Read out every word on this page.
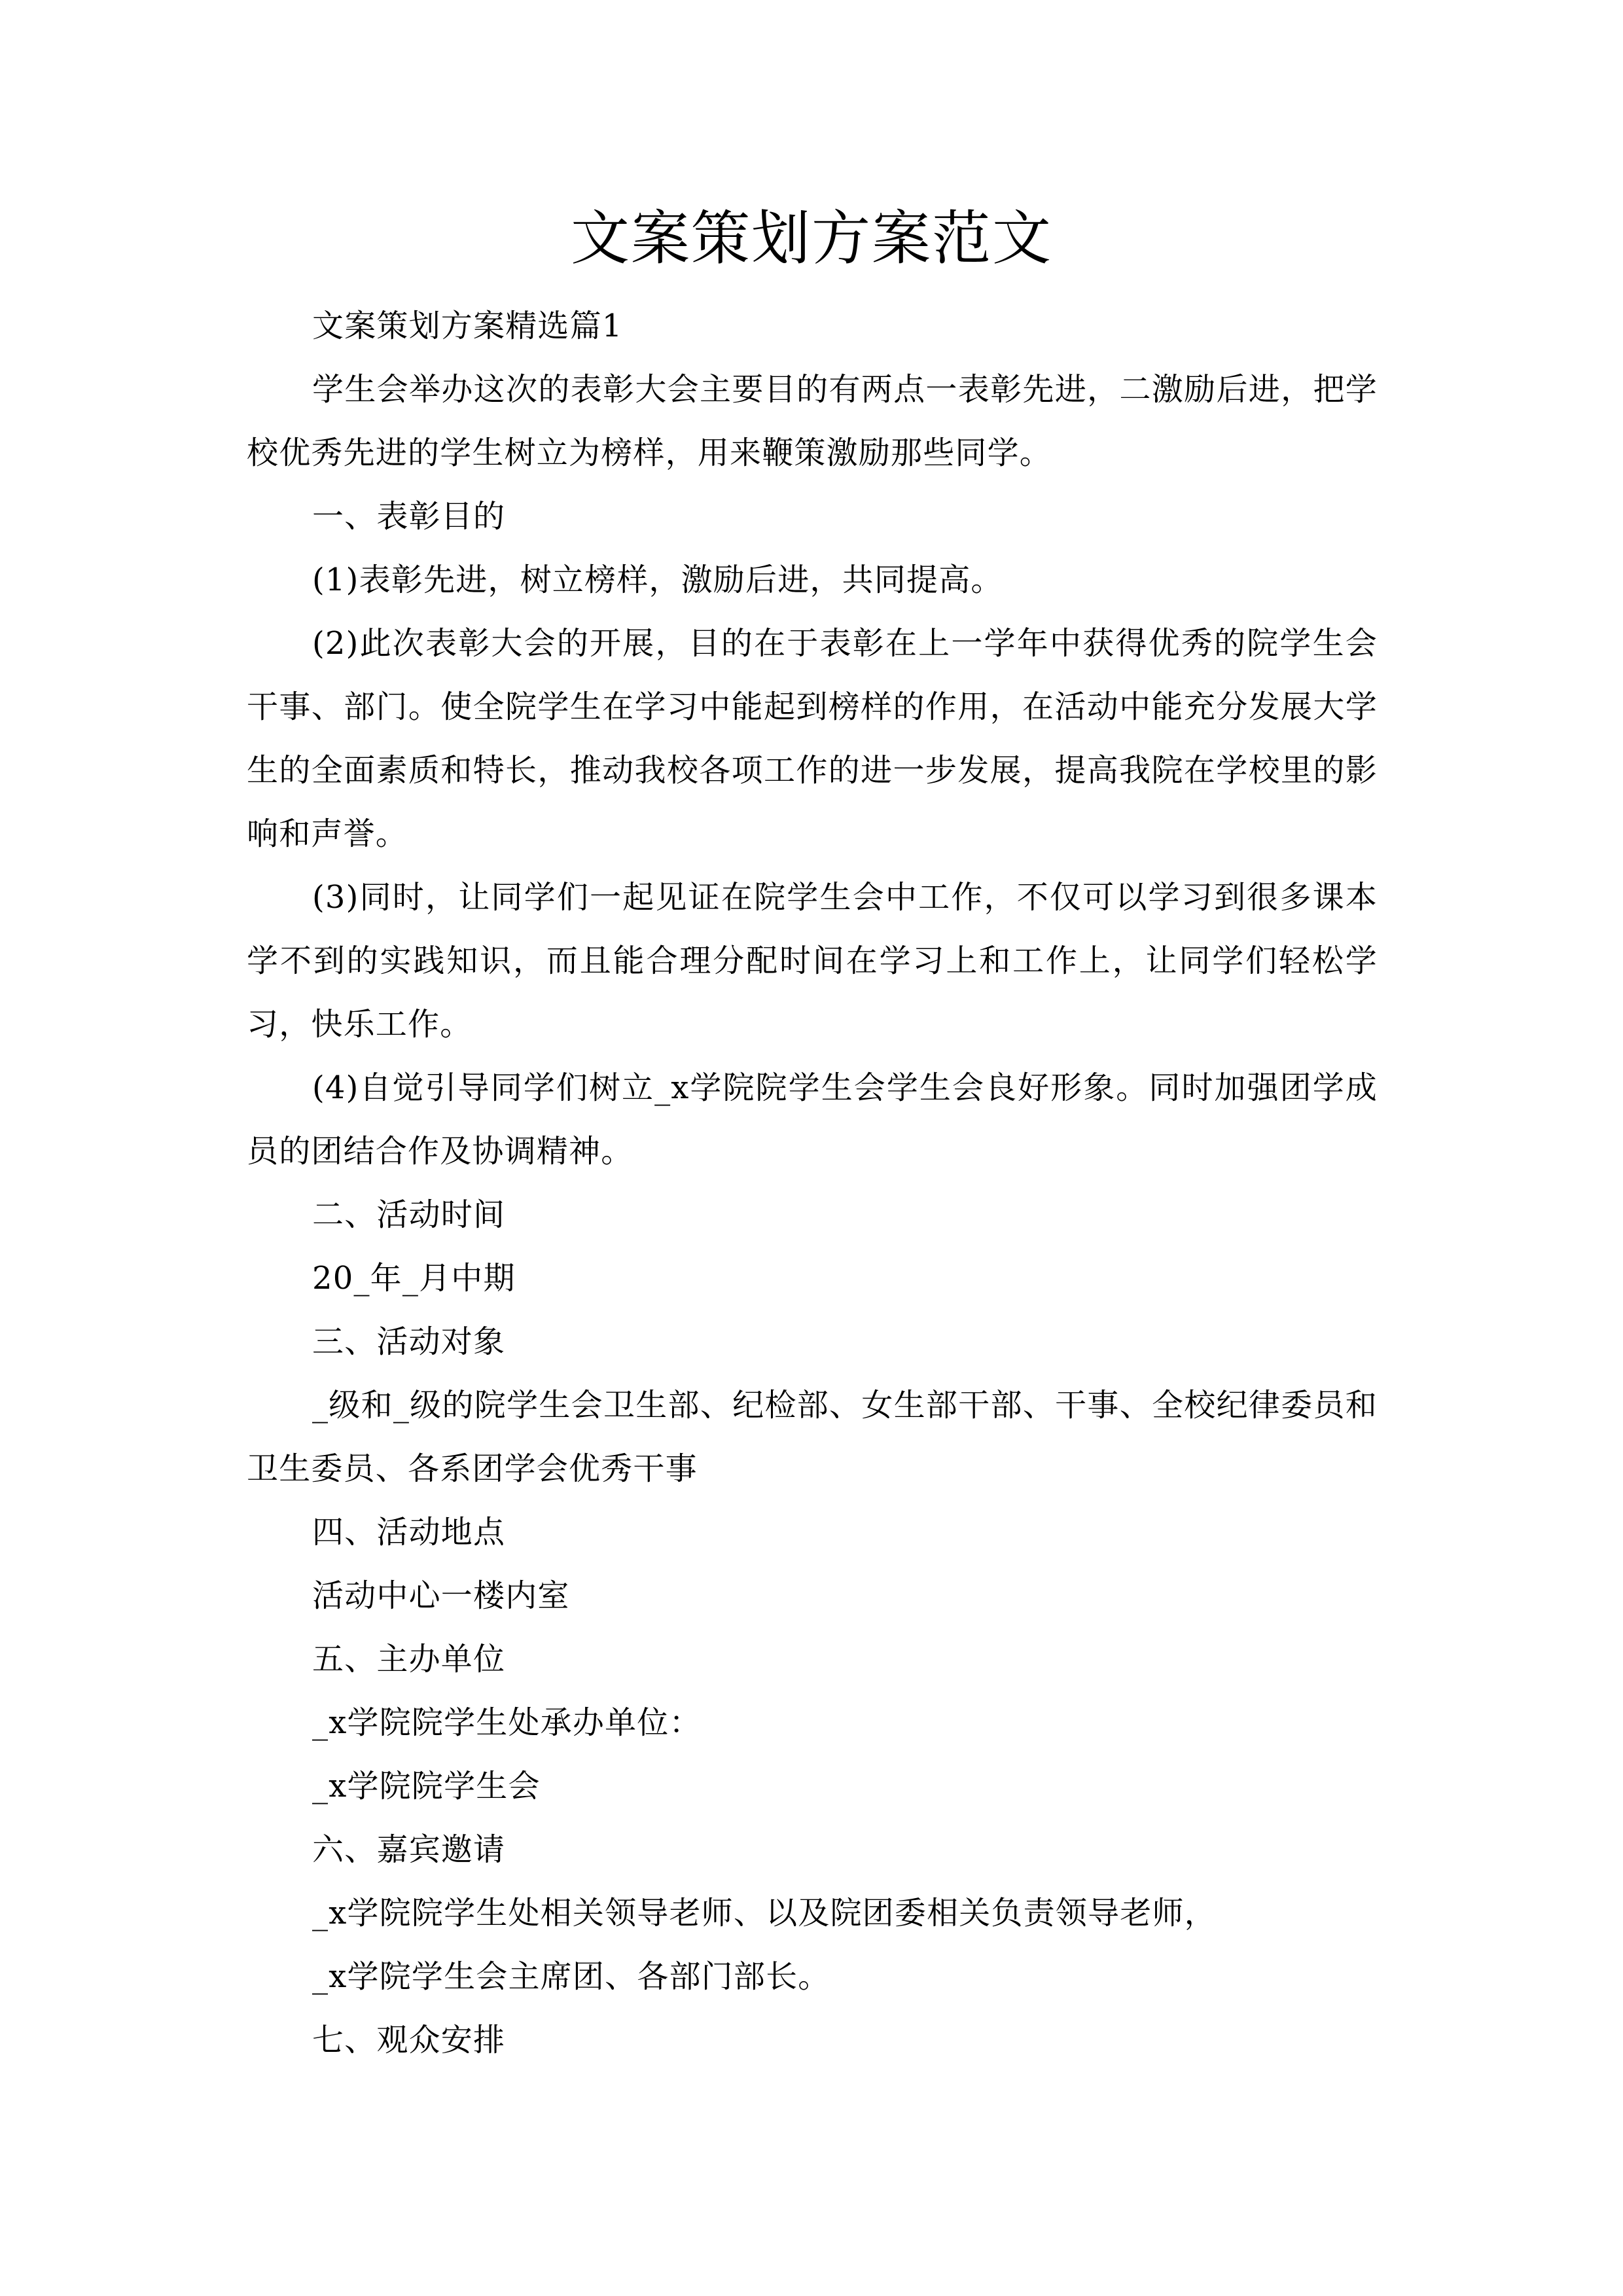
文案策划方案范文

文案策划方案精选篇1

学生会举办这次的表彰大会主要目的有两点一表彰先进，二激励后进，把学校优秀先进的学生树立为榜样，用来鞭策激励那些同学。

一、表彰目的

(1)表彰先进，树立榜样，激励后进，共同提高。

(2)此次表彰大会的开展，目的在于表彰在上一学年中获得优秀的院学生会干事、部门。使全院学生在学习中能起到榜样的作用，在活动中能充分发展大学生的全面素质和特长，推动我校各项工作的进一步发展，提高我院在学校里的影响和声誉。

(3)同时，让同学们一起见证在院学生会中工作，不仅可以学习到很多课本学不到的实践知识，而且能合理分配时间在学习上和工作上，让同学们轻松学习，快乐工作。

(4)自觉引导同学们树立_x学院院学生会学生会良好形象。同时加强团学成员的团结合作及协调精神。

二、活动时间

20_年_月中期

三、活动对象

_级和_级的院学生会卫生部、纪检部、女生部干部、干事、全校纪律委员和卫生委员、各系团学会优秀干事

四、活动地点

活动中心一楼内室

五、主办单位

_x学院院学生处承办单位：

_x学院院学生会

六、嘉宾邀请

_x学院院学生处相关领导老师、以及院团委相关负责领导老师，

_x学院学生会主席团、各部门部长。

七、观众安排
